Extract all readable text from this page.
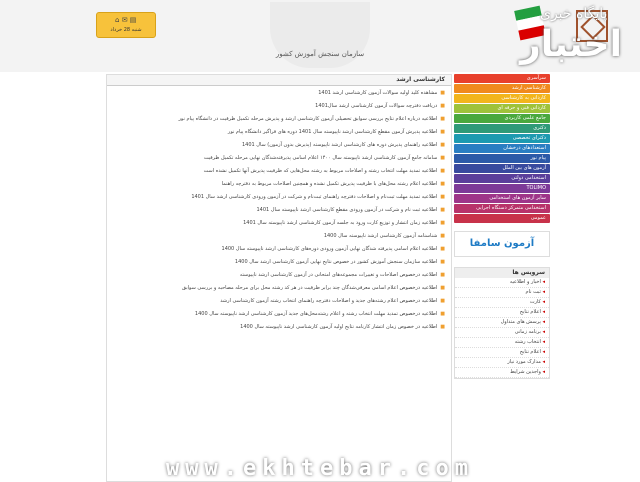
سازمان سنجش آموزش کشور
⌂ ✉ ▤
شنبه 28 خرداد
پایگاه خبری
اختبار
کارشناسی ارشد
■مشاهده کلید اولیه سوالات آزمون کارشناسی ارشد 1401
■دریافت دفترچه سوالات آزمون کارشناسی ارشد سال1401
■اطلاعیه درباره اعلام نتایج بررسی سوابق تحصیلی آزمون کارشناسی ارشد و پذیرش مرحله تکمیل ظرفیت در دانشگاه پیام نور
■اطلاعیه پذیرش آزمون مقطع کارشناسی ارشد ناپیوسته سال 1401 دوره های فراگیر دانشگاه پیام نور
■اطلاعیه راهنمای پذیرش دوره های کارشناسی ارشد ناپیوسته (پذیرش بدون آزمون) سال 1401
■سامانه جامع آزمون کارشناسی ارشد ناپیوسته سال ۱۴۰۰ اعلام اسامی پذیرفته‌شدگان نهایی مرحله تکمیل ظرفیت
■اطلاعیه تمدید مهلت انتخاب رشته و اصلاحات مربوط به رشته محل‌هایی که ظرفیت پذیرش آنها تکمیل نشده است
■اطلاعیه اعلام رشته محل‌های با ظرفیت پذیرش تکمیل نشده و همچنین اصلاحات مربوط به دفترچه راهنما
■اطلاعیه تمدید مهلت ثبت‌نام و اصلاحات دفترچه راهنمای ثبت‌نام و شرکت در آزمون ورودی کارشناسی ارشد سال 1401
■اطلاعیه ثبت نام و شرکت در آزمون ورودی مقطع کارشناسی ارشد ناپیوسته سال 1401
■اطلاعیه زمان انتشار و توزیع کارت ورود به جلسه آزمون کارشناسی ارشد ناپیوسته سال 1401
■شناسنامه آزمون کارشناسی ارشد ناپیوسته سال 1400
■اطلاعیه اعلام اسامی پذیرفته شدگان نهایی آزمون ورودی دوره‌های کارشناسی ارشد ناپیوسته سال 1400
■اطلاعیه سازمان سنجش آموزش کشور در خصوص نتایج نهایی آزمون کارشناسی ارشد سال 1400
■اطلاعیه درخصوص اصلاحات و تغییرات مجموعه‌های امتحانی در آزمون کارشناسی ارشد ناپیوسته
■اطلاعیه درخصوص اعلام اسامی معرفی‌شدگان چند برابر ظرفیت در هر کد رشته محل برای مرحله مصاحبه و بررسی سوابق
■اطلاعیه درخصوص اعلام رشته‌های جدید و اصلاحات دفترچه راهنمای انتخاب رشته آزمون کارشناسی ارشد
■اطلاعیه درخصوص تمدید مهلت انتخاب رشته و اعلام رشته‌محل‌های جدید آزمون کارشناسی ارشد ناپیوسته سال 1400
■اطلاعیه در خصوص زمان انتشار کارنامه نتایج اولیه آزمون کارشناسی ارشد ناپیوسته سال 1400
سرآسری
کارشناسی ارشد
کاردانی به کارشناسی
کاردانی فنی و حرفه ای
جامع علمی کاربردی
دکتری
دکترای تخصصی
استعدادهای درخشان
پیام نور
آزمون های بین الملل
استخدامی دولتی
TOLIMO
سایر آزمون های استخدامی
استخدامی متمرکز دستگاه اجرایی
عمومی
آزمون سامفا
سرویس ها
اخبار و اطلاعیه ◂
ثبت نام ◂
کارت ◂
اعلام نتایج ◂
پرسش های متداول ◂
برنامه زمانی ◂
انتخاب رشته ◂
اعلام نتایج ◂
مدارک مورد نیاز ◂
واجدین شرایط ◂
www.ekhtebar.com
